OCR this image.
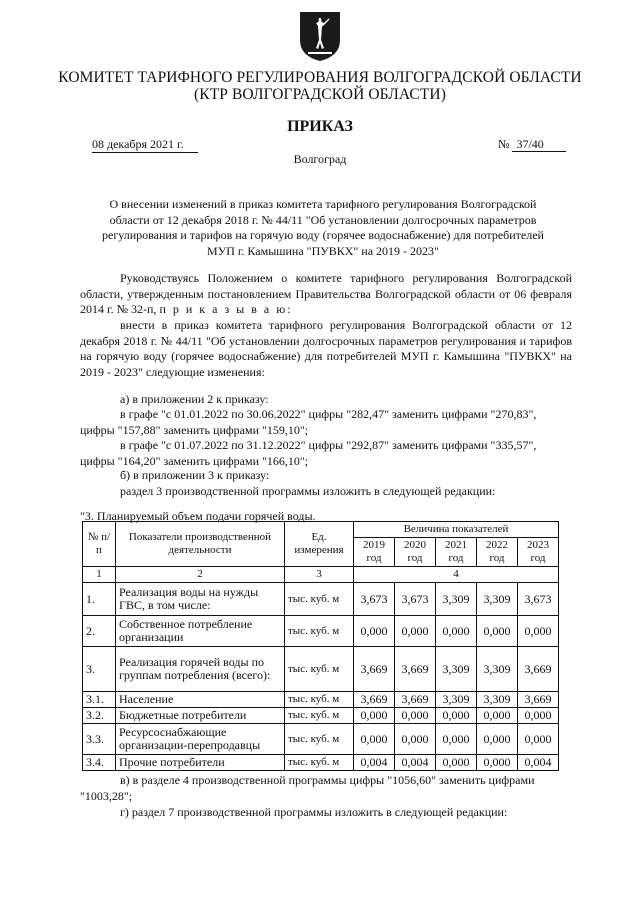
КОМИТЕТ ТАРИФНОГО РЕГУЛИРОВАНИЯ ВОЛГОГРАДСКОЙ ОБЛАСТИ
(КТР ВОЛГОГРАДСКОЙ ОБЛАСТИ)
ПРИКАЗ
08 декабря 2021 г.	№ 37/40
Волгоград
О внесении изменений в приказ комитета тарифного регулирования Волгоградской области от 12 декабря 2018 г. № 44/11 "Об установлении долгосрочных параметров регулирования и тарифов на горячую воду (горячее водоснабжение) для потребителей МУП г. Камышина "ПУВКХ" на 2019 - 2023"
Руководствуясь Положением о комитете тарифного регулирования Волгоградской области, утвержденным постановлением Правительства Волгоградской области от 06 февраля 2014 г. № 32-п, п р и к а з ы в а ю:
внести в приказ комитета тарифного регулирования Волгоградской области от 12 декабря 2018 г. № 44/11 "Об установлении долгосрочных параметров регулирования и тарифов на горячую воду (горячее водоснабжение) для потребителей МУП г. Камышина "ПУВКХ" на 2019 - 2023" следующие изменения:
а) в приложении 2 к приказу:
в графе "с 01.01.2022 по 30.06.2022" цифры "282,47" заменить цифрами "270,83",
цифры "157,88" заменить цифрами "159,10";
в графе "с 01.07.2022 по 31.12.2022" цифры "292,87" заменить цифрами "335,57",
цифры "164,20" заменить цифрами "166,10";
б) в приложении 3 к приказу:
раздел 3 производственной программы изложить в следующей редакции:
"3. Планируемый объем подачи горячей воды.
№ п/п	Показатели производственной деятельности	Ед. измерения	Величина показателей				
			2019 год	2020 год	2021 год	2022 год	2023 год
1	2	3	4				
1.	Реализация воды на нужды ГВС, в том числе:	тыс. куб. м	3,673	3,673	3,309	3,309	3,673
2.	Собственное потребление организации	тыс. куб. м	0,000	0,000	0,000	0,000	0,000
3.	Реализация горячей воды по группам потребления (всего):	тыс. куб. м	3,669	3,669	3,309	3,309	3,669
3.1.	Население	тыс. куб. м	3,669	3,669	3,309	3,309	3,669
3.2.	Бюджетные потребители	тыс. куб. м	0,000	0,000	0,000	0,000	0,000
3.3.	Ресурсоснабжающие организации-перепродавцы	тыс. куб. м	0,000	0,000	0,000	0,000	0,000
3.4.	Прочие потребители	тыс. куб. м	0,004	0,004	0,000	0,000	0,004
в) в разделе 4 производственной программы цифры "1056,60" заменить цифрами
"1003,28";
г) раздел 7 производственной программы изложить в следующей редакции:
